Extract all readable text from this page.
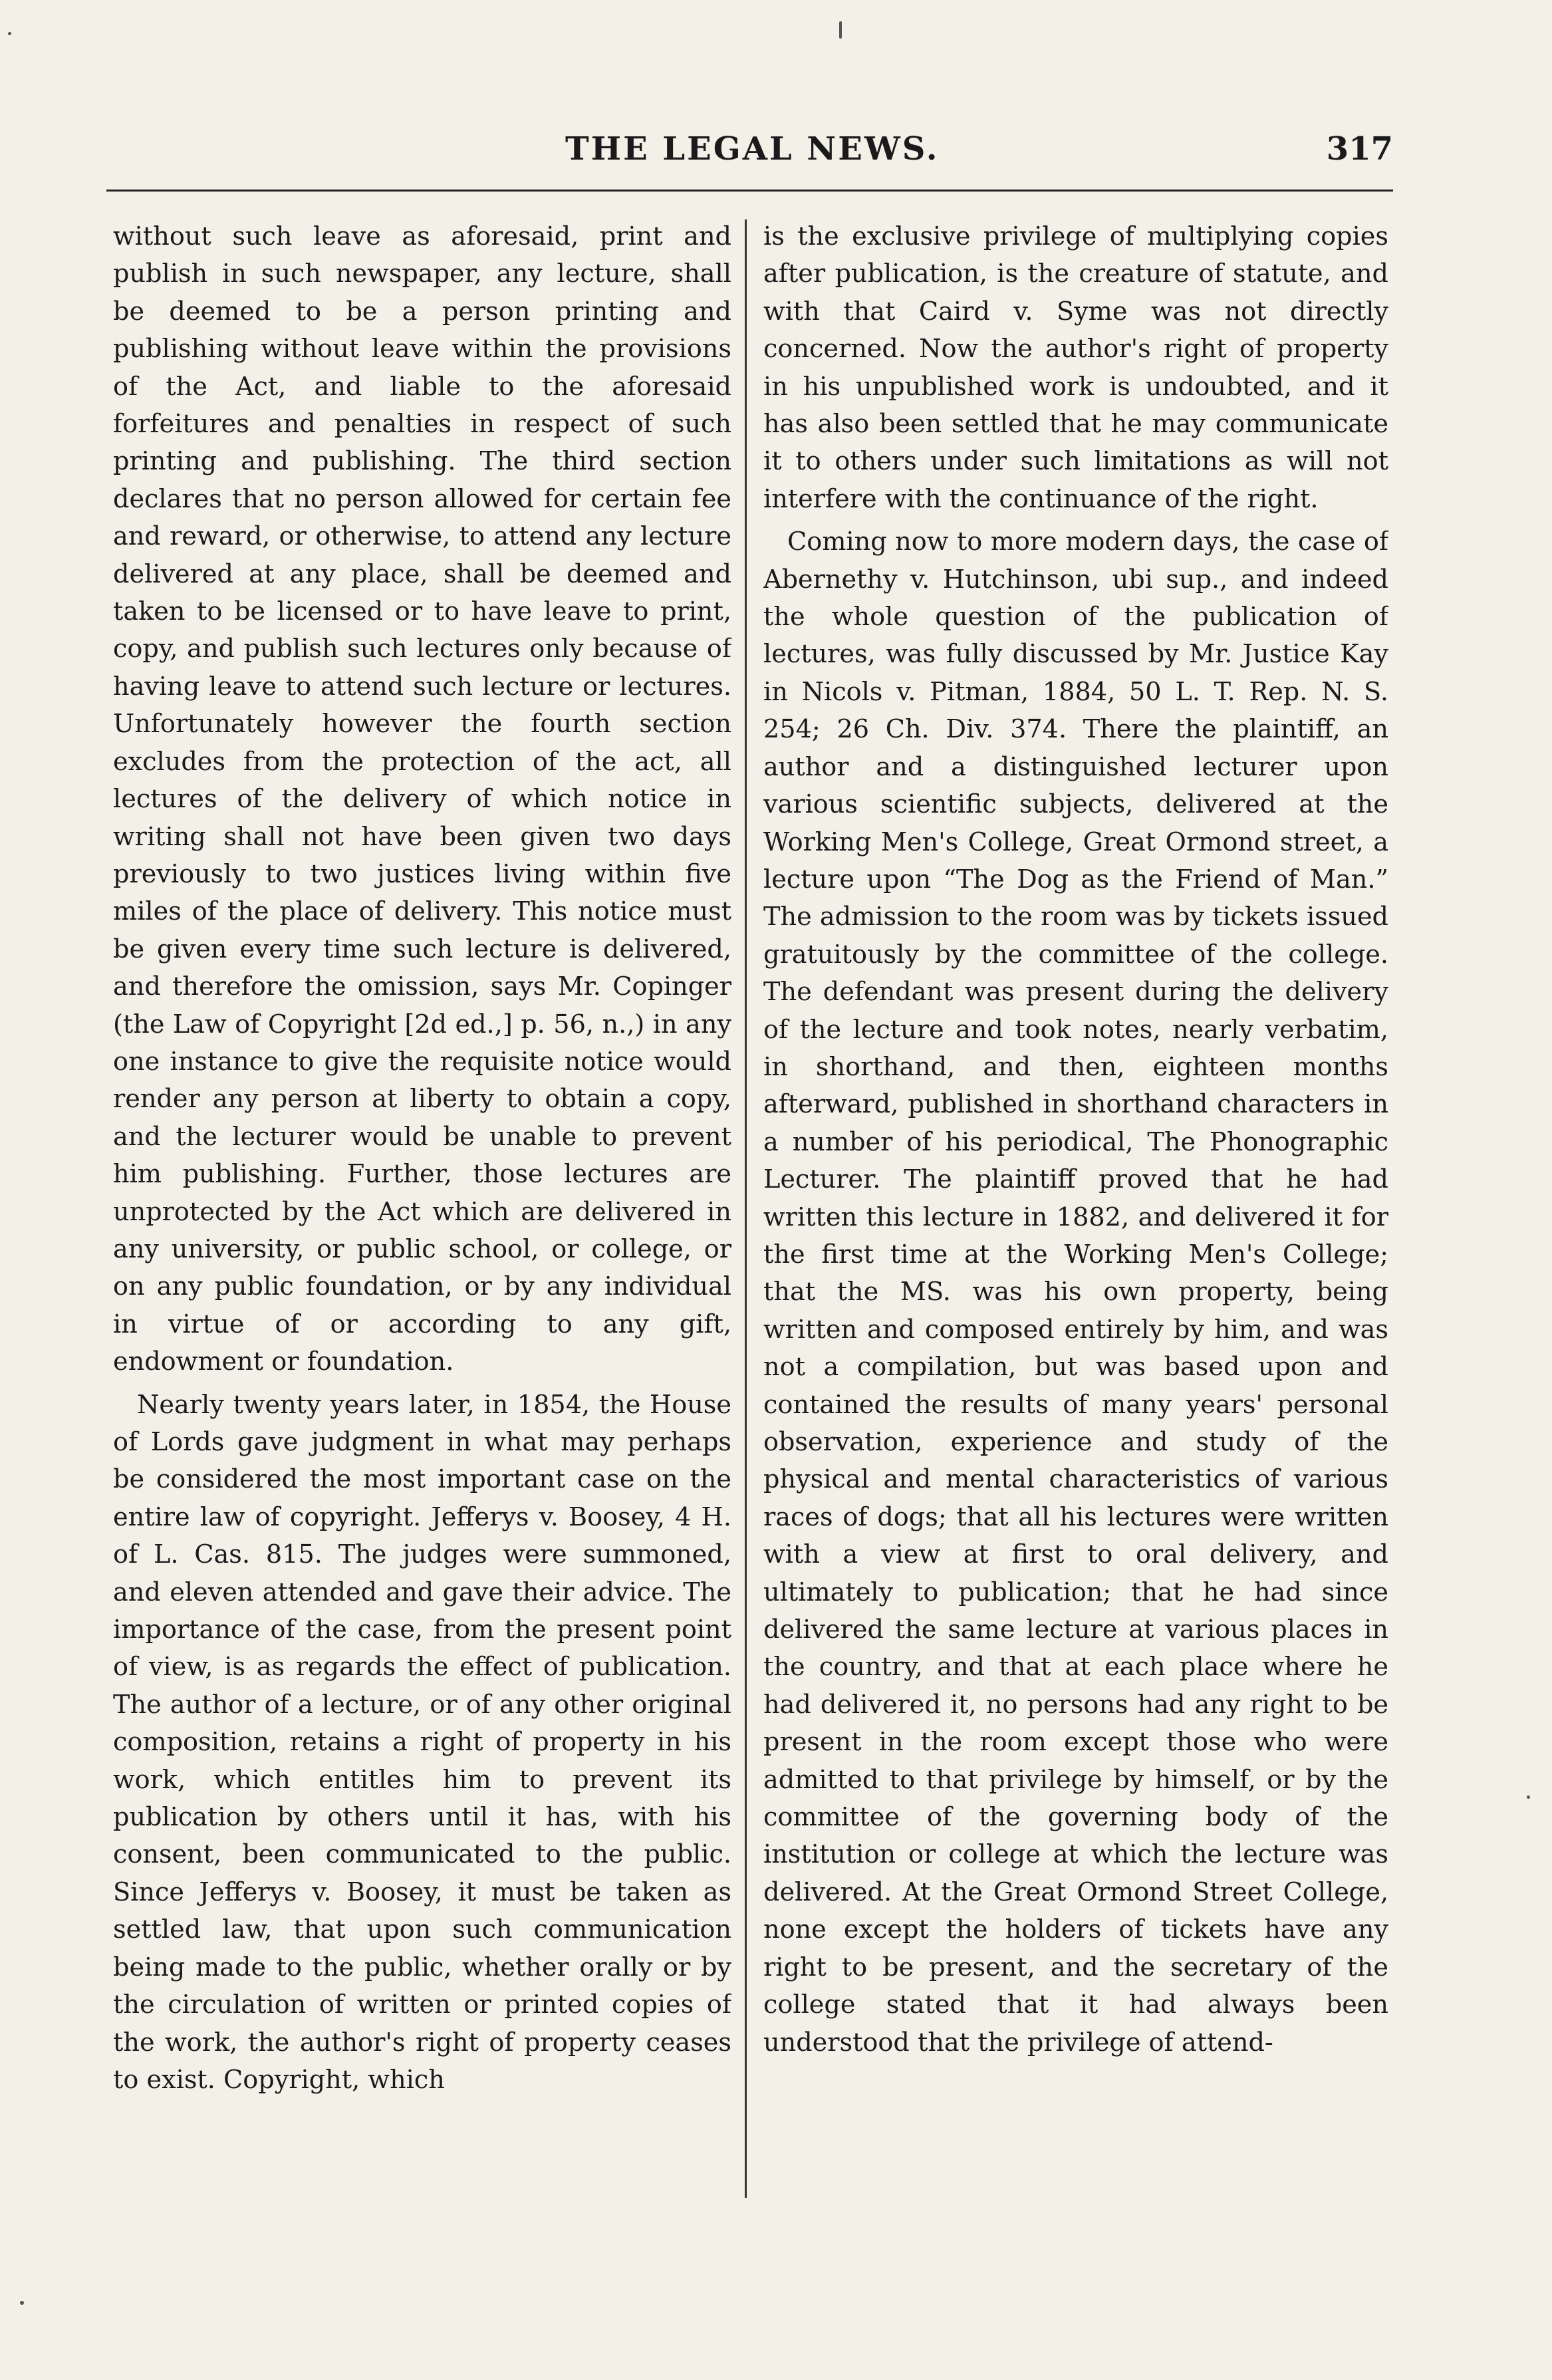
THE LEGAL NEWS.	317

without such leave as aforesaid, print and publish in such newspaper, any lecture, shall be deemed to be a person printing and publishing without leave within the provisions of the Act, and liable to the aforesaid forfeitures and penalties in respect of such printing and publishing. The third section declares that no person allowed for certain fee and reward, or otherwise, to attend any lecture delivered at any place, shall be deemed and taken to be licensed or to have leave to print, copy, and publish such lectures only because of having leave to attend such lecture or lectures. Unfortunately however the fourth section excludes from the protection of the act, all lectures of the delivery of which notice in writing shall not have been given two days previously to two justices living within five miles of the place of delivery. This notice must be given every time such lecture is delivered, and therefore the omission, says Mr. Copinger (the Law of Copyright [2d ed.,] p. 56, n.,) in any one instance to give the requisite notice would render any person at liberty to obtain a copy, and the lecturer would be unable to prevent him publishing. Further, those lectures are unprotected by the Act which are delivered in any university, or public school, or college, or on any public foundation, or by any individual in virtue of or according to any gift, endowment or foundation.

Nearly twenty years later, in 1854, the House of Lords gave judgment in what may perhaps be considered the most important case on the entire law of copyright. Jefferys v. Boosey, 4 H. of L. Cas. 815. The judges were summoned, and eleven attended and gave their advice. The importance of the case, from the present point of view, is as regards the effect of publication. The author of a lecture, or of any other original composition, retains a right of property in his work, which entitles him to prevent its publication by others until it has, with his consent, been communicated to the public. Since Jefferys v. Boosey, it must be taken as settled law, that upon such communication being made to the public, whether orally or by the circulation of written or printed copies of the work, the author's right of property ceases to exist. Copyright, which

is the exclusive privilege of multiplying copies after publication, is the creature of statute, and with that Caird v. Syme was not directly concerned. Now the author's right of property in his unpublished work is undoubted, and it has also been settled that he may communicate it to others under such limitations as will not interfere with the continuance of the right.

Coming now to more modern days, the case of Abernethy v. Hutchinson, ubi sup., and indeed the whole question of the publication of lectures, was fully discussed by Mr. Justice Kay in Nicols v. Pitman, 1884, 50 L. T. Rep. N. S. 254; 26 Ch. Div. 374. There the plaintiff, an author and a distinguished lecturer upon various scientific subjects, delivered at the Working Men's College, Great Ormond street, a lecture upon “The Dog as the Friend of Man.” The admission to the room was by tickets issued gratuitously by the committee of the college. The defendant was present during the delivery of the lecture and took notes, nearly verbatim, in shorthand, and then, eighteen months afterward, published in shorthand characters in a number of his periodical, The Phonographic Lecturer. The plaintiff proved that he had written this lecture in 1882, and delivered it for the first time at the Working Men's College; that the MS. was his own property, being written and composed entirely by him, and was not a compilation, but was based upon and contained the results of many years' personal observation, experience and study of the physical and mental characteristics of various races of dogs; that all his lectures were written with a view at first to oral delivery, and ultimately to publication; that he had since delivered the same lecture at various places in the country, and that at each place where he had delivered it, no persons had any right to be present in the room except those who were admitted to that privilege by himself, or by the committee of the governing body of the institution or college at which the lecture was delivered. At the Great Ormond Street College, none except the holders of tickets have any right to be present, and the secretary of the college stated that it had always been understood that the privilege of attend-
